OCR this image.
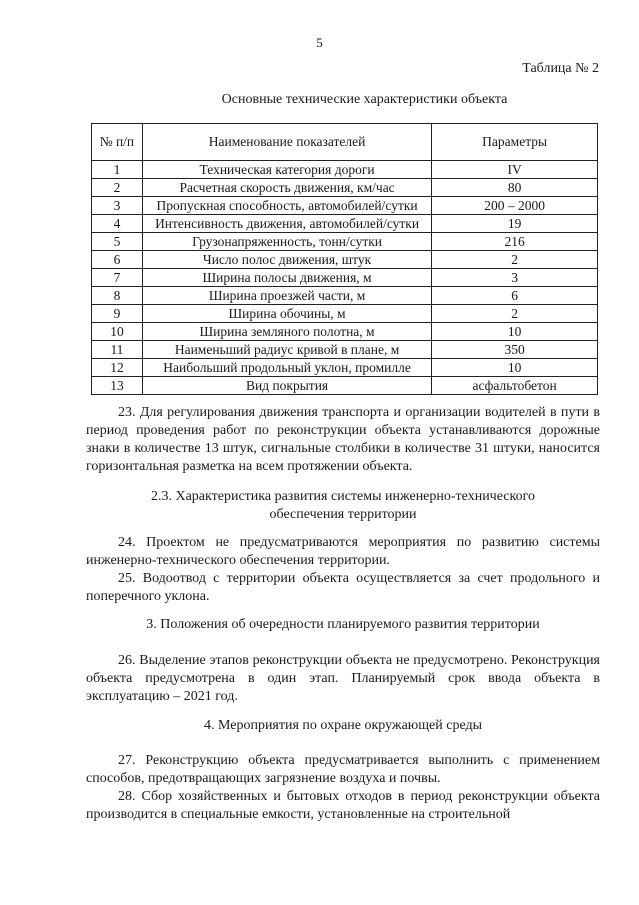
5
Таблица № 2
Основные технические характеристики объекта
№ п/п	Наименование показателей	Параметры
1	Техническая категория дороги	IV
2	Расчетная скорость движения, км/час	80
3	Пропускная способность, автомобилей/сутки	200 – 2000
4	Интенсивность движения, автомобилей/сутки	19
5	Грузонапряженность, тонн/сутки	216
6	Число полос движения, штук	2
7	Ширина полосы движения, м	3
8	Ширина проезжей части, м	6
9	Ширина обочины, м	2
10	Ширина земляного полотна, м	10
11	Наименьший радиус кривой в плане, м	350
12	Наибольший продольный уклон, промилле	10
13	Вид покрытия	асфальтобетон

23. Для регулирования движения транспорта и организации водителей в пути в период проведения работ по реконструкции объекта устанавливаются дорожные знаки в количестве 13 штук, сигнальные столбики в количестве 31 штуки, наносится горизонтальная разметка на всем протяжении объекта.

2.3. Характеристика развития системы инженерно-технического
обеспечения территории

24. Проектом не предусматриваются мероприятия по развитию системы инженерно-технического обеспечения территории.

25. Водоотвод с территории объекта осуществляется за счет продольного и поперечного уклона.

3. Положения об очередности планируемого развития территории

26. Выделение этапов реконструкции объекта не предусмотрено. Реконструкция объекта предусмотрена в один этап. Планируемый срок ввода объекта в эксплуатацию – 2021 год.

4. Мероприятия по охране окружающей среды

27. Реконструкцию объекта предусматривается выполнить с применением способов, предотвращающих загрязнение воздуха и почвы.

28. Сбор хозяйственных и бытовых отходов в период реконструкции объекта производится в специальные емкости, установленные на строительной
